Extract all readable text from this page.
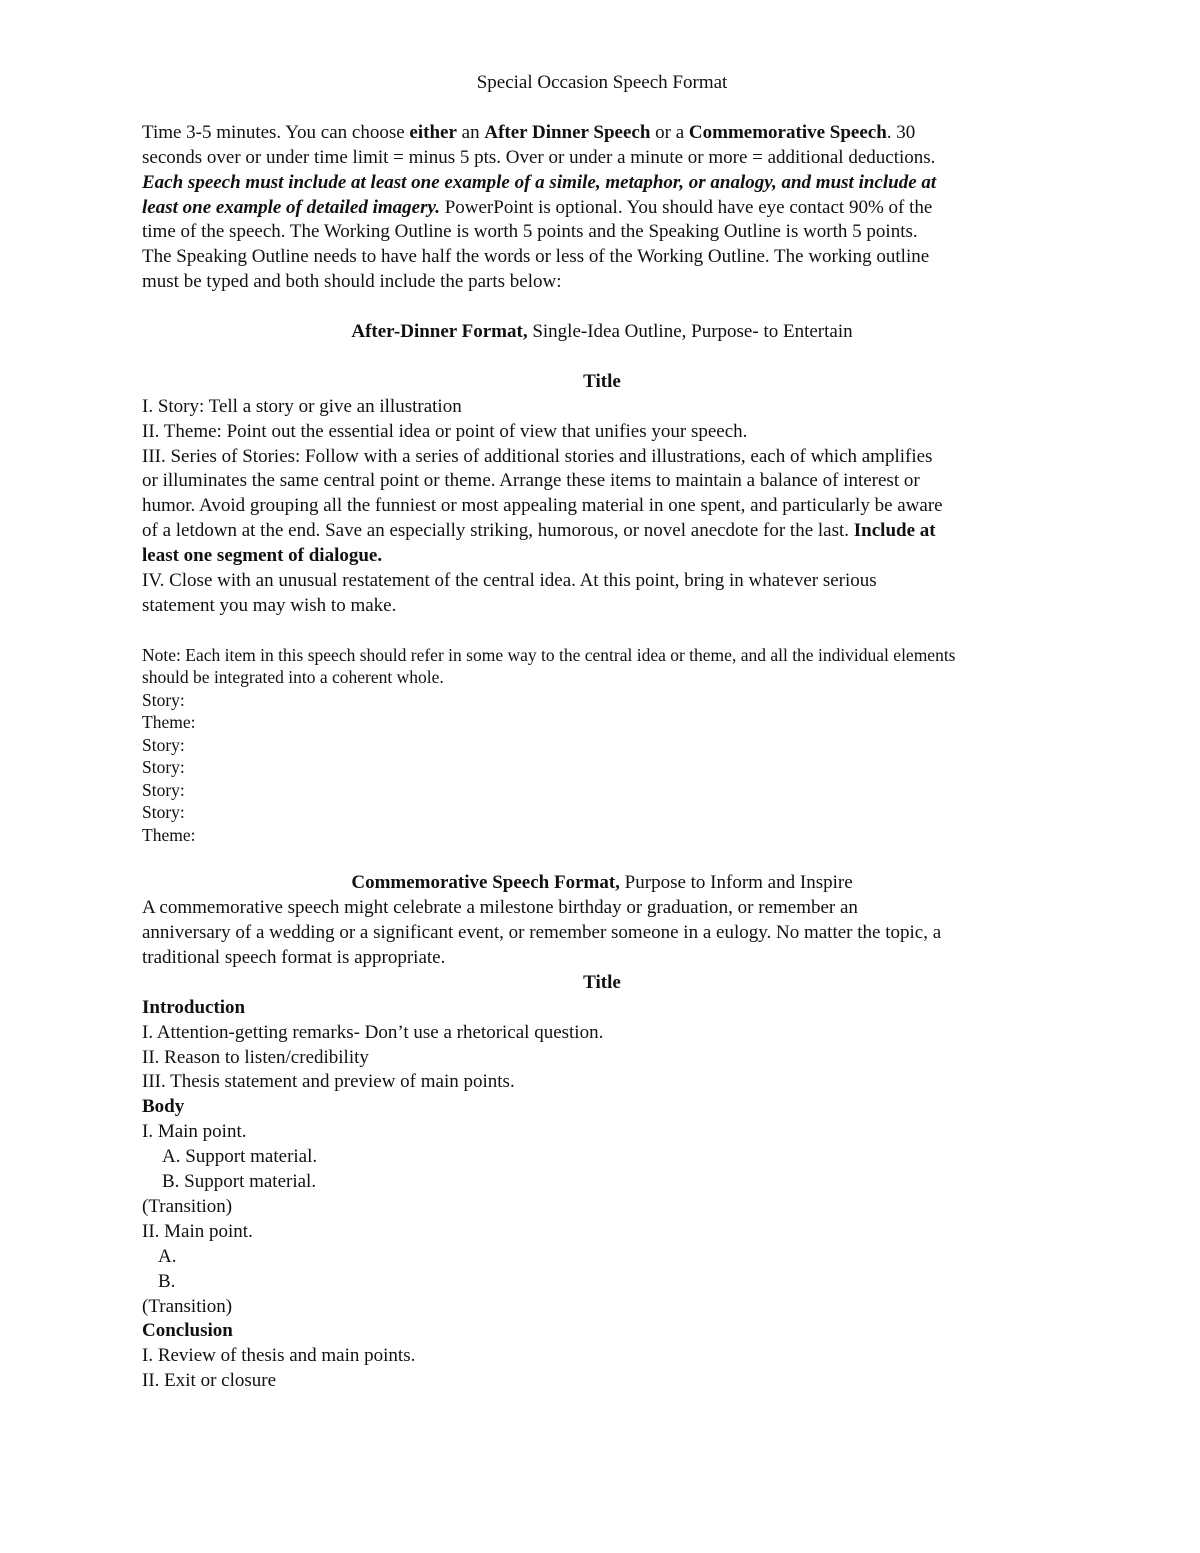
Special Occasion Speech Format
Time 3-5 minutes. You can choose either an After Dinner Speech or a Commemorative Speech. 30
seconds over or under time limit = minus 5 pts. Over or under a minute or more = additional deductions.
Each speech must include at least one example of a simile, metaphor, or analogy, and must include at
least one example of detailed imagery. PowerPoint is optional. You should have eye contact 90% of the
time of the speech. The Working Outline is worth 5 points and the Speaking Outline is worth 5 points.
The Speaking Outline needs to have half the words or less of the Working Outline. The working outline
must be typed and both should include the parts below:
After-Dinner Format, Single-Idea Outline, Purpose- to Entertain
Title
I. Story: Tell a story or give an illustration
II. Theme: Point out the essential idea or point of view that unifies your speech.
III. Series of Stories: Follow with a series of additional stories and illustrations, each of which amplifies
or illuminates the same central point or theme. Arrange these items to maintain a balance of interest or
humor. Avoid grouping all the funniest or most appealing material in one spent, and particularly be aware
of a letdown at the end. Save an especially striking, humorous, or novel anecdote for the last. Include at
least one segment of dialogue.
IV. Close with an unusual restatement of the central idea. At this point, bring in whatever serious
statement you may wish to make.
Note: Each item in this speech should refer in some way to the central idea or theme, and all the individual elements
should be integrated into a coherent whole.
Story:
Theme:
Story:
Story:
Story:
Story:
Theme:
Commemorative Speech Format, Purpose to Inform and Inspire
A commemorative speech might celebrate a milestone birthday or graduation, or remember an
anniversary of a wedding or a significant event, or remember someone in a eulogy. No matter the topic, a
traditional speech format is appropriate.
Title
Introduction
I. Attention-getting remarks- Don’t use a rhetorical question.
II. Reason to listen/credibility
III. Thesis statement and preview of main points.
Body
I. Main point.
A. Support material.
B. Support material.
(Transition)
II. Main point.
A.
B.
(Transition)
Conclusion
I. Review of thesis and main points.
II. Exit or closure
